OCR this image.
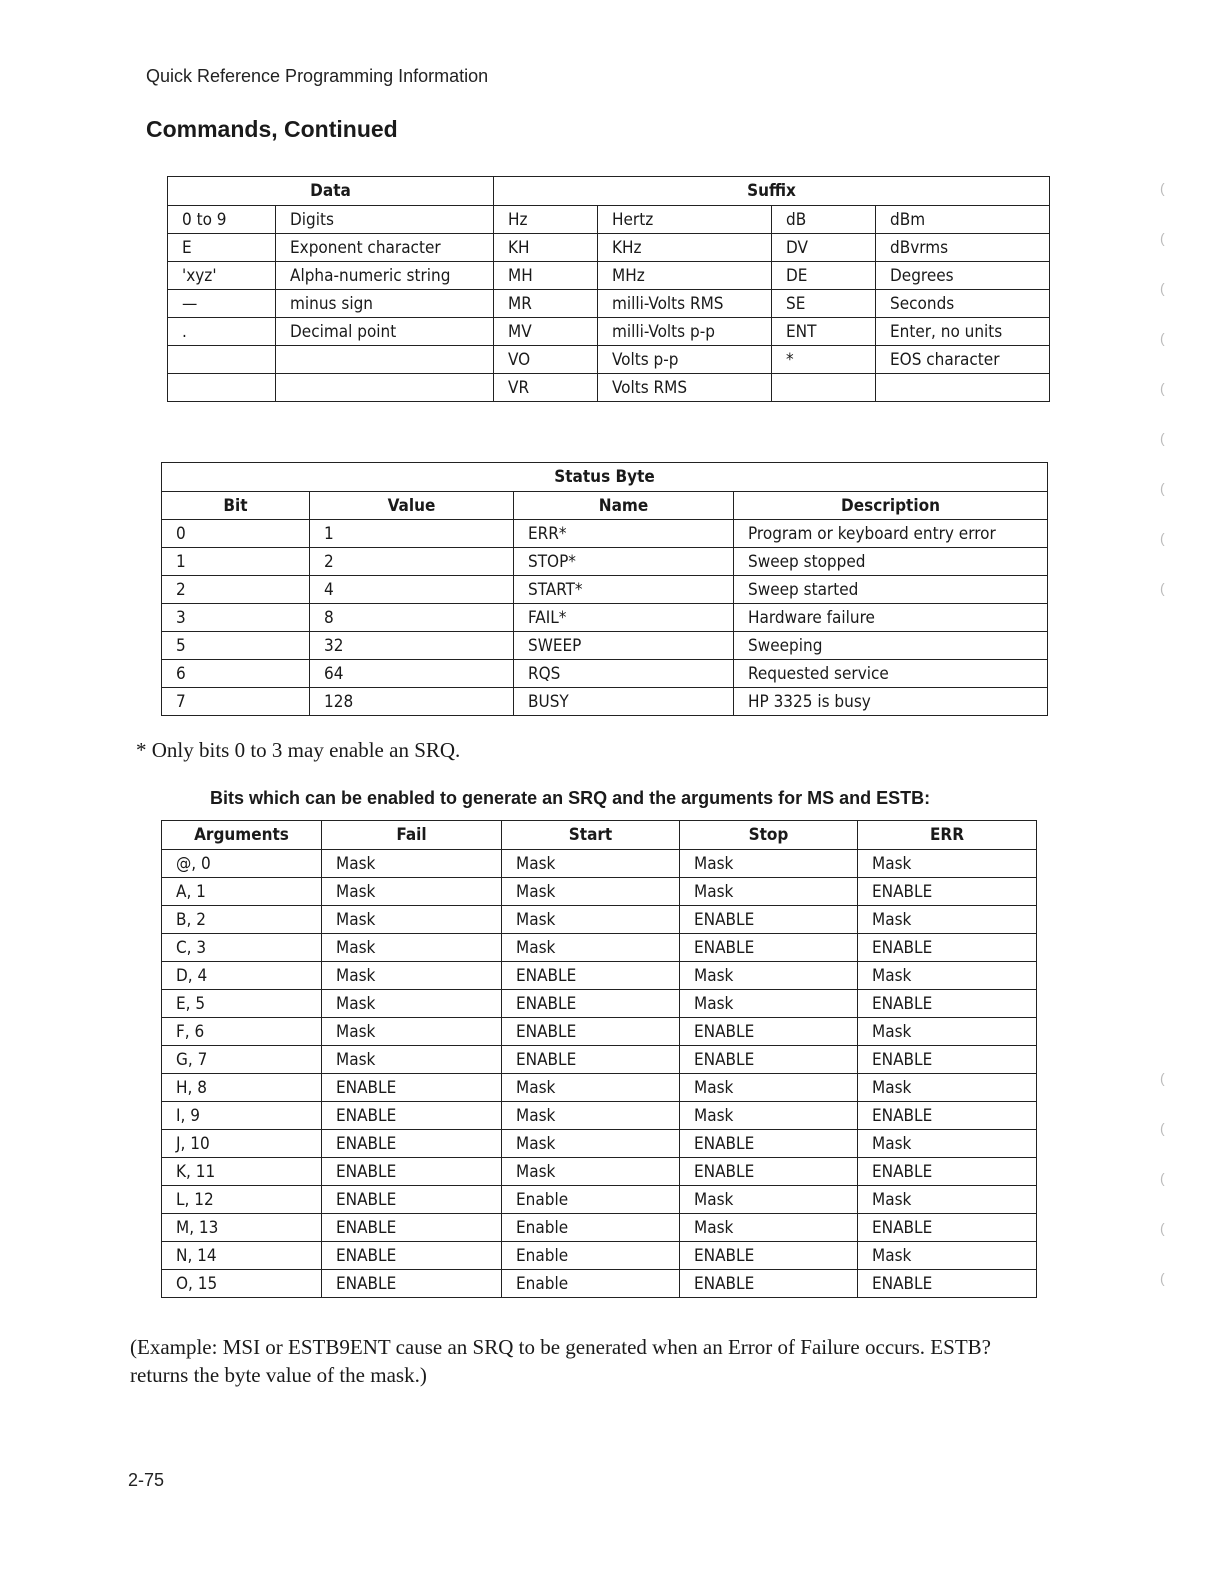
Quick Reference Programming Information
Commands, Continued
Data		Suffix			
0 to 9	Digits	Hz	Hertz	dB	dBm
E	Exponent character	KH	KHz	DV	dBvrms
'xyz'	Alpha-numeric string	MH	MHz	DE	Degrees
—	minus sign	MR	milli-Volts RMS	SE	Seconds
.	Decimal point	MV	milli-Volts p-p	ENT	Enter, no units
		VO	Volts p-p	*	EOS character
		VR	Volts RMS		
Status Byte			
Bit	Value	Name	Description
0	1	ERR*	Program or keyboard entry error
1	2	STOP*	Sweep stopped
2	4	START*	Sweep started
3	8	FAIL*	Hardware failure
5	32	SWEEP	Sweeping
6	64	RQS	Requested service
7	128	BUSY	HP 3325 is busy
* Only bits 0 to 3 may enable an SRQ.
Bits which can be enabled to generate an SRQ and the arguments for MS and ESTB:
Arguments	Fail	Start	Stop	ERR
@, 0	Mask	Mask	Mask	Mask
A, 1	Mask	Mask	Mask	ENABLE
B, 2	Mask	Mask	ENABLE	Mask
C, 3	Mask	Mask	ENABLE	ENABLE
D, 4	Mask	ENABLE	Mask	Mask
E, 5	Mask	ENABLE	Mask	ENABLE
F, 6	Mask	ENABLE	ENABLE	Mask
G, 7	Mask	ENABLE	ENABLE	ENABLE
H, 8	ENABLE	Mask	Mask	Mask
I, 9	ENABLE	Mask	Mask	ENABLE
J, 10	ENABLE	Mask	ENABLE	Mask
K, 11	ENABLE	Mask	ENABLE	ENABLE
L, 12	ENABLE	Enable	Mask	Mask
M, 13	ENABLE	Enable	Mask	ENABLE
N, 14	ENABLE	Enable	ENABLE	Mask
O, 15	ENABLE	Enable	ENABLE	ENABLE
(Example: MSI or ESTB9ENT cause an SRQ to be generated when an Error of Failure occurs. ESTB? returns the byte value of the mask.)
2-75
(
(
(
(
(
(
(
(
(
(
(
(
(
(
